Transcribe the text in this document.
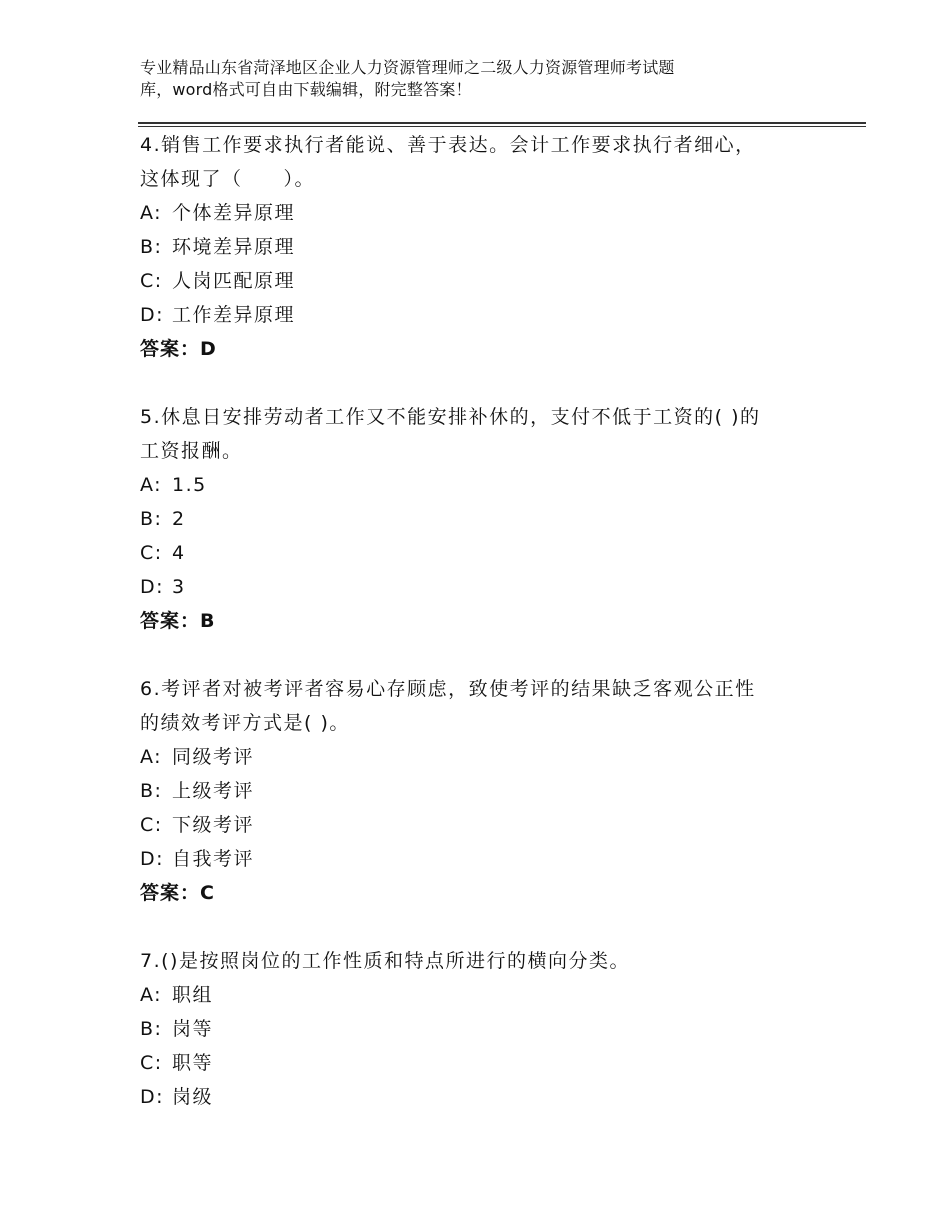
专业精品山东省菏泽地区企业人力资源管理师之二级人力资源管理师考试题
库，word格式可自由下载编辑，附完整答案！

4.销售工作要求执行者能说、善于表达。会计工作要求执行者细心，

这体现了（　　）。

A: 个体差异原理

B: 环境差异原理

C: 人岗匹配原理

D: 工作差异原理

答案：D

5.休息日安排劳动者工作又不能安排补休的，支付不低于工资的( )的

工资报酬。

A: 1.5

B: 2

C: 4

D: 3

答案：B

6.考评者对被考评者容易心存顾虑，致使考评的结果缺乏客观公正性

的绩效考评方式是( )。

A: 同级考评

B: 上级考评

C: 下级考评

D: 自我考评

答案：C

7.()是按照岗位的工作性质和特点所进行的横向分类。

A: 职组

B: 岗等

C: 职等

D: 岗级
